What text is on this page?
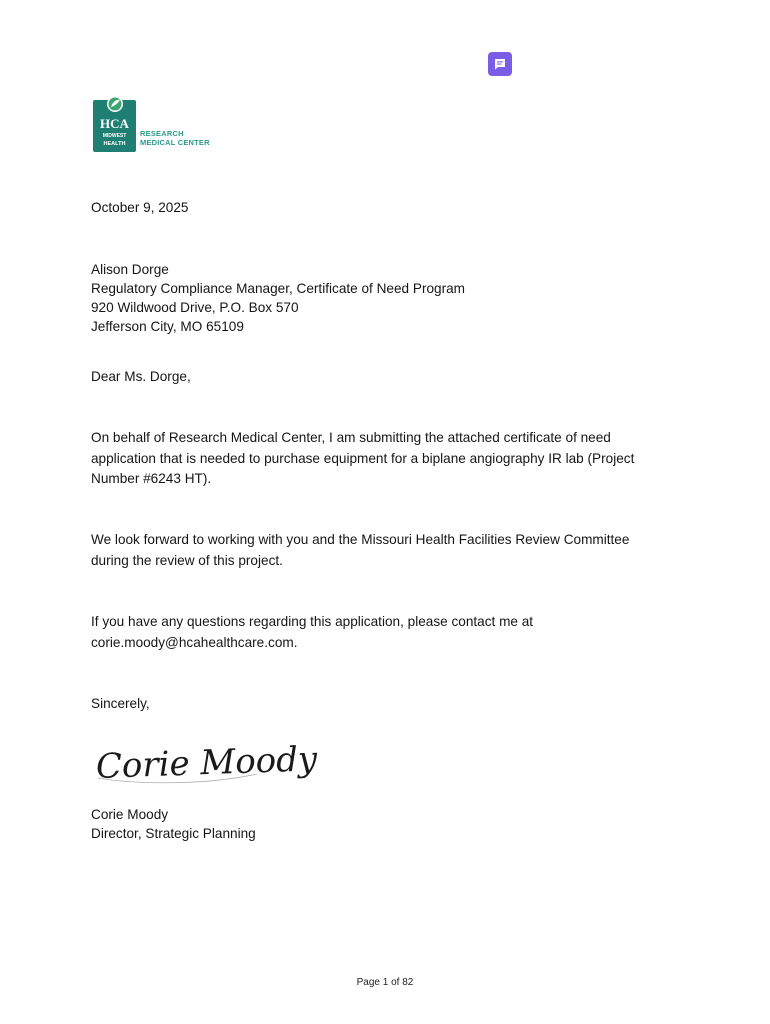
HCA
MIDWEST
HEALTH
RESEARCH
MEDICAL CENTER
October 9, 2025
Alison Dorge
Regulatory Compliance Manager, Certificate of Need Program
920 Wildwood Drive, P.O. Box 570
Jefferson City, MO 65109
Dear Ms. Dorge,
On behalf of Research Medical Center, I am submitting the attached certificate of need application that is needed to purchase equipment for a biplane angiography IR lab (Project Number #6243 HT).
We look forward to working with you and the Missouri Health Facilities Review Committee during the review of this project.
If you have any questions regarding this application, please contact me at corie.moody@hcahealthcare.com.
Sincerely,
Corie Moody
Corie Moody
Director, Strategic Planning
Page 1 of 82
